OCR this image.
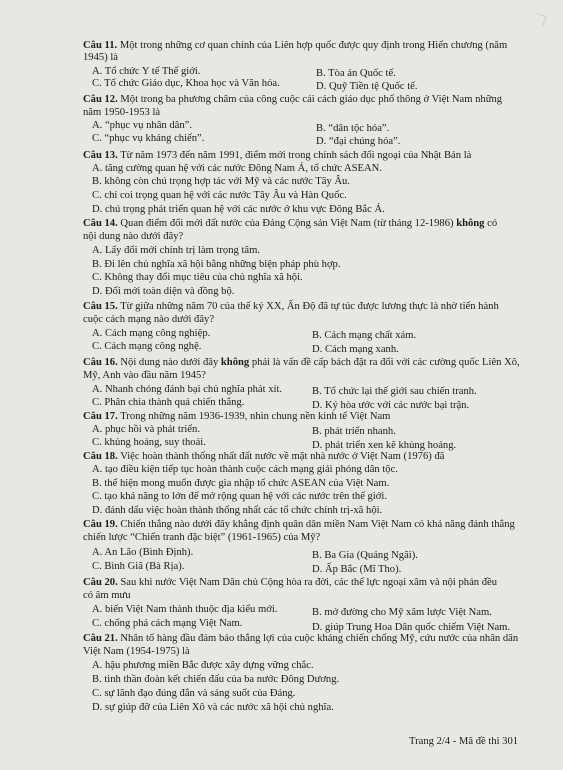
Câu 11. Một trong những cơ quan chính của Liên hợp quốc được quy định trong Hiến chương (năm
1945) là
A. Tổ chức Y tế Thế giới.	B. Tòa án Quốc tế.
C. Tổ chức Giáo dục, Khoa học và Văn hóa.	D. Quỹ Tiền tệ Quốc tế.
Câu 12. Một trong ba phương châm của công cuộc cải cách giáo dục phổ thông ở Việt Nam những
năm 1950-1953 là
A. “phục vụ nhân dân”.	B. “dân tộc hóa”.
C. “phục vụ kháng chiến”.	D. “đại chúng hóa”.
Câu 13. Từ năm 1973 đến năm 1991, điểm mới trong chính sách đối ngoại của Nhật Bản là
A. tăng cường quan hệ với các nước Đông Nam Á, tổ chức ASEAN.
B. không còn chú trọng hợp tác với Mỹ và các nước Tây Âu.
C. chỉ coi trọng quan hệ với các nước Tây Âu và Hàn Quốc.
D. chú trọng phát triển quan hệ với các nước ở khu vực Đông Bắc Á.
Câu 14. Quan điểm đổi mới đất nước của Đảng Cộng sản Việt Nam (từ tháng 12-1986) không có
nội dung nào dưới đây?
A. Lấy đổi mới chính trị làm trọng tâm.
B. Đi lên chủ nghĩa xã hội bằng những biện pháp phù hợp.
C. Không thay đổi mục tiêu của chủ nghĩa xã hội.
D. Đổi mới toàn diện và đồng bộ.
Câu 15. Từ giữa những năm 70 của thế kỷ XX, Ấn Độ đã tự túc được lương thực là nhờ tiến hành
cuộc cách mạng nào dưới đây?
A. Cách mạng công nghiệp.	B. Cách mạng chất xám.
C. Cách mạng công nghệ.	D. Cách mạng xanh.
Câu 16. Nội dung nào dưới đây không phải là vấn đề cấp bách đặt ra đối với các cường quốc Liên Xô,
Mỹ, Anh vào đầu năm 1945?
A. Nhanh chóng đánh bại chủ nghĩa phát xít.	B. Tổ chức lại thế giới sau chiến tranh.
C. Phân chia thành quả chiến thắng.	D. Ký hòa ước với các nước bại trận.
Câu 17. Trong những năm 1936-1939, nhìn chung nền kinh tế Việt Nam
A. phục hồi và phát triển.	B. phát triển nhanh.
C. khủng hoảng, suy thoái.	D. phát triển xen kẽ khủng hoảng.
Câu 18. Việc hoàn thành thống nhất đất nước về mặt nhà nước ở Việt Nam (1976) đã
A. tạo điều kiện tiếp tục hoàn thành cuộc cách mạng giải phóng dân tộc.
B. thể hiện mong muốn được gia nhập tổ chức ASEAN của Việt Nam.
C. tạo khả năng to lớn để mở rộng quan hệ với các nước trên thế giới.
D. đánh dấu việc hoàn thành thống nhất các tổ chức chính trị-xã hội.
Câu 19. Chiến thắng nào dưới đây khẳng định quân dân miền Nam Việt Nam có khả năng đánh thắng
chiến lược “Chiến tranh đặc biệt” (1961-1965) của Mỹ?
A. An Lão (Bình Định).	B. Ba Gia (Quảng Ngãi).
C. Bình Giã (Bà Rịa).	D. Ấp Bắc (Mĩ Tho).
Câu 20. Sau khi nước Việt Nam Dân chủ Cộng hòa ra đời, các thế lực ngoại xâm và nội phản đều
có âm mưu
A. biến Việt Nam thành thuộc địa kiểu mới.	B. mở đường cho Mỹ xâm lược Việt Nam.
C. chống phá cách mạng Việt Nam.	D. giúp Trung Hoa Dân quốc chiếm Việt Nam.
Câu 21. Nhân tố hàng đầu đảm bảo thắng lợi của cuộc kháng chiến chống Mỹ, cứu nước của nhân dân
Việt Nam (1954-1975) là
A. hậu phương miền Bắc được xây dựng vững chắc.
B. tinh thần đoàn kết chiến đấu của ba nước Đông Dương.
C. sự lãnh đạo đúng đắn và sáng suốt của Đảng.
D. sự giúp đỡ của Liên Xô và các nước xã hội chủ nghĩa.
Trang 2/4 - Mã đề thi 301
